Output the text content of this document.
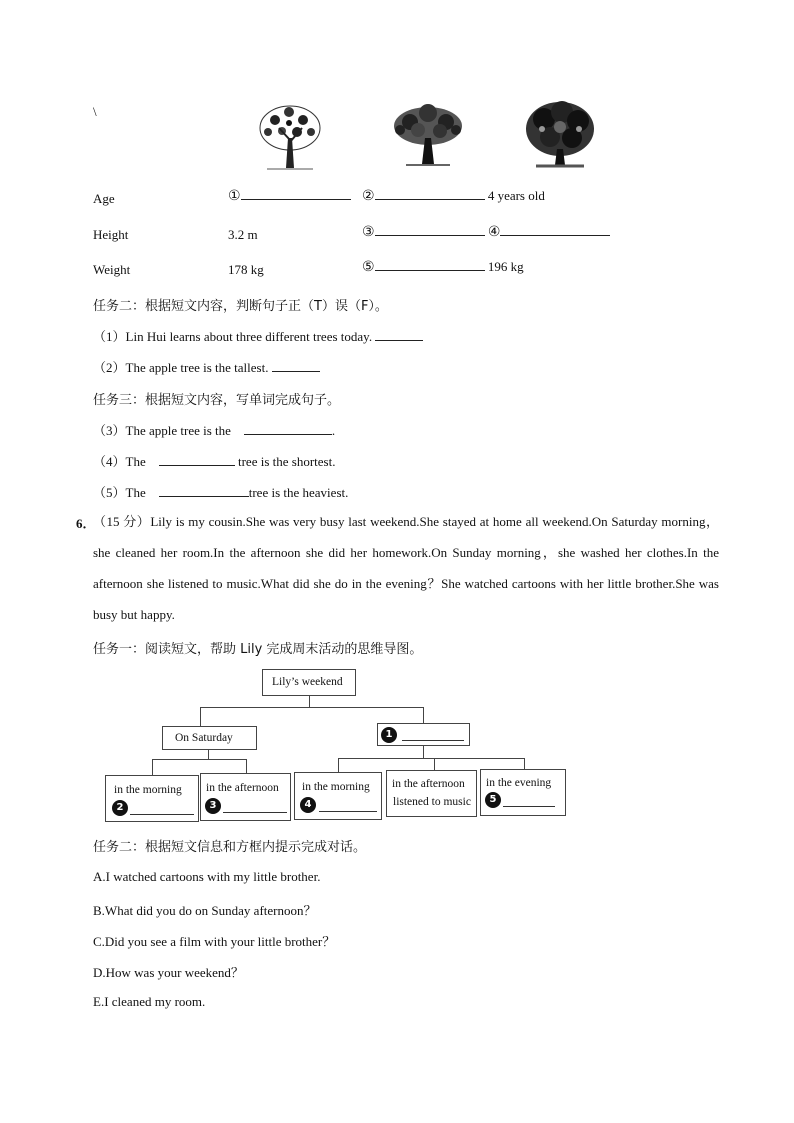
\
Age	①	②	4 years old
Height	3.2 m	③	④
Weight	178 kg	⑤	196 kg
任务二：根据短文内容，判断句子正（T）误（F）。
（1）Lin Hui learns about three different trees today.
（2）The apple tree is the tallest.
任务三：根据短文内容，写单词完成句子。
（3）The apple tree is the	.
（4）The	tree is the shortest.
（5）The	tree is the heaviest.
6．
（15 分）Lily is my cousin.She was very busy last weekend.She stayed at home all weekend.On Saturday morning，she cleaned her room.In the afternoon she did her homework.On Sunday morning，she washed her clothes.In the afternoon she listened to music.What did she do in the evening？She watched cartoons with her little brother.She was busy but happy.
任务一：阅读短文，帮助 Lily 完成周末活动的思维导图。
Lily’s weekend
On Saturday	1
in the morning
2
in the afternoon
3
in the morning
4
in the afternoon
listened to music
in the evening
5
任务二：根据短文信息和方框内提示完成对话。
A.I watched cartoons with my little brother.
B.What did you do on Sunday afternoon？
C.Did you see a film with your little brother？
D.How was your weekend？
E.I cleaned my room.
